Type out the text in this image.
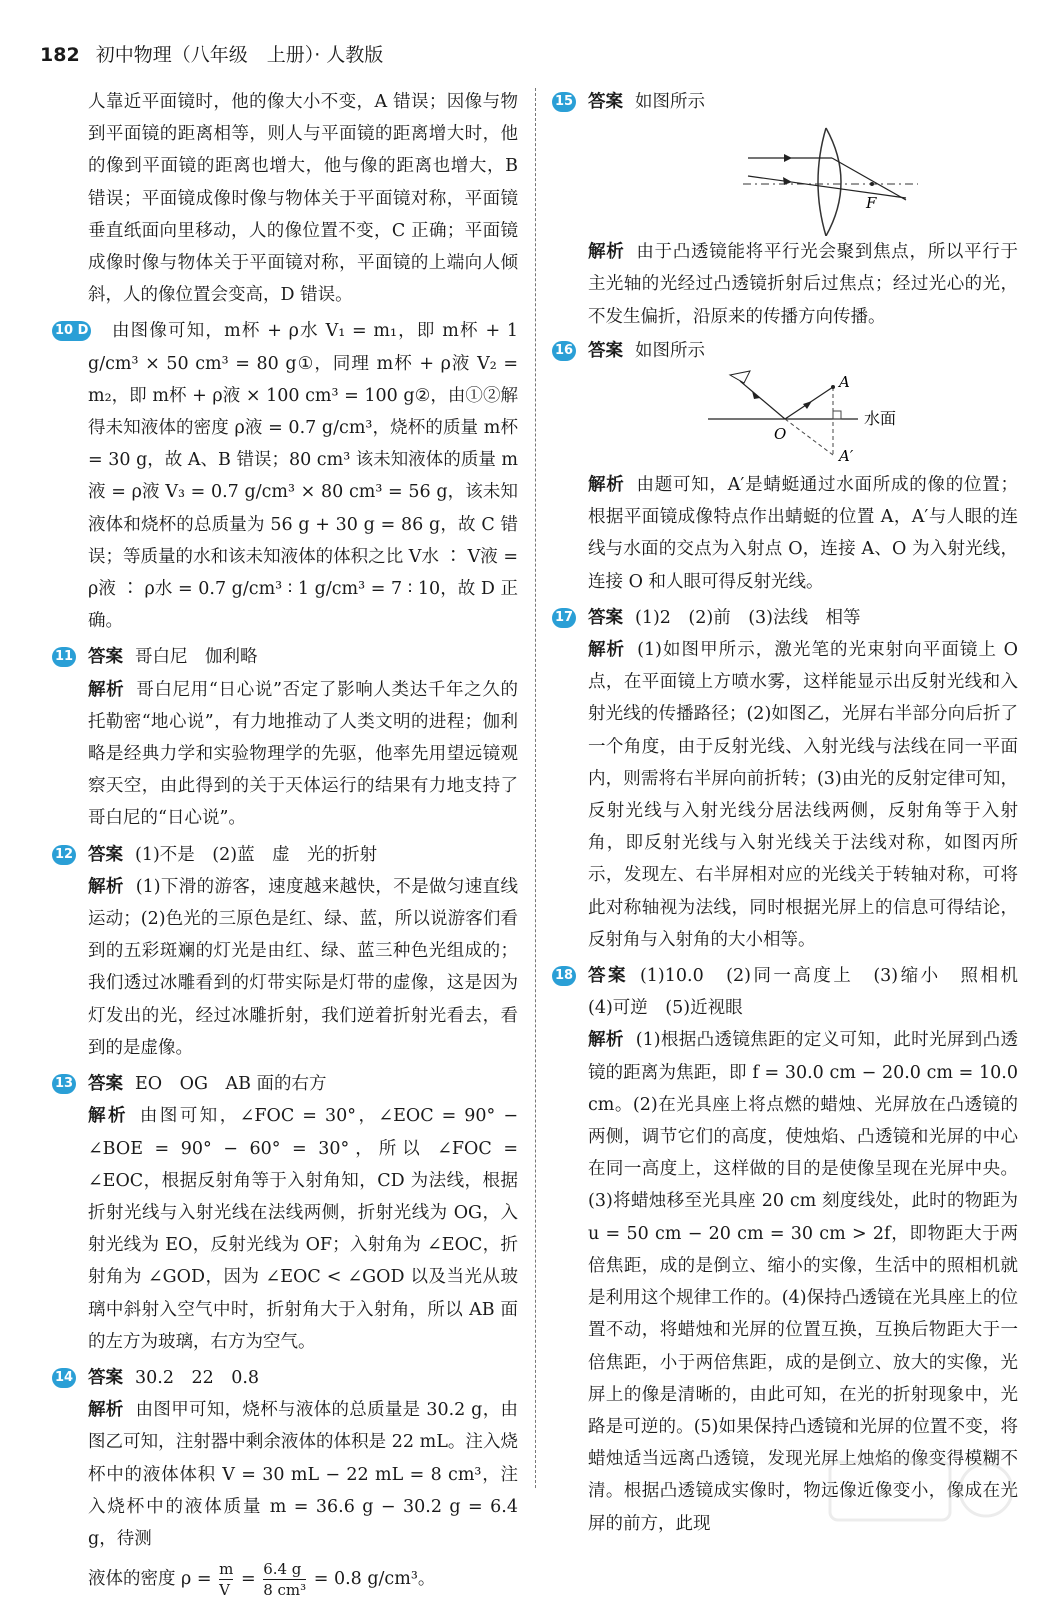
182 初中物理（八年级　上册）· 人教版

人靠近平面镜时，他的像大小不变，A 错误；因像与物到平面镜的距离相等，则人与平面镜的距离增大时，他的像到平面镜的距离也增大，他与像的距离也增大，B 错误；平面镜成像时像与物体关于平面镜对称，平面镜垂直纸面向里移动，人的像位置不变，C 正确；平面镜成像时像与物体关于平面镜对称，平面镜的上端向人倾斜，人的像位置会变高，D 错误。

10 D	由图像可知，m杯 + ρ水 V₁ = m₁，即 m杯 + 1 g/cm³ × 50 cm³ = 80 g①，同理 m杯 + ρ液 V₂ = m₂，即 m杯 + ρ液 × 100 cm³ = 100 g②，由①②解得未知液体的密度 ρ液 = 0.7 g/cm³，烧杯的质量 m杯 = 30 g，故 A、B 错误；80 cm³ 该未知液体的质量 m液 = ρ液 V₃ = 0.7 g/cm³ × 80 cm³ = 56 g，该未知液体和烧杯的总质量为 56 g + 30 g = 86 g，故 C 错误；等质量的水和该未知液体的体积之比 V水 ∶ V液 = ρ液 ∶ ρ水 = 0.7 g/cm³ ∶ 1 g/cm³ = 7 ∶ 10，故 D 正确。

11 答案 哥白尼　伽利略

解析 哥白尼用“日心说”否定了影响人类达千年之久的托勒密“地心说”，有力地推动了人类文明的进程；伽利略是经典力学和实验物理学的先驱，他率先用望远镜观察天空，由此得到的关于天体运行的结果有力地支持了哥白尼的“日心说”。

12 答案 (1)不是　(2)蓝　虚　光的折射

解析 (1)下滑的游客，速度越来越快，不是做匀速直线运动；(2)色光的三原色是红、绿、蓝，所以说游客们看到的五彩斑斓的灯光是由红、绿、蓝三种色光组成的；我们透过冰雕看到的灯带实际是灯带的虚像，这是因为灯发出的光，经过冰雕折射，我们逆着折射光看去，看到的是虚像。

13 答案 EO　OG　AB 面的右方

解析 由图可知，∠FOC = 30°，∠EOC = 90° − ∠BOE = 90° − 60° = 30°，所以 ∠FOC = ∠EOC，根据反射角等于入射角知，CD 为法线，根据折射光线与入射光线在法线两侧，折射光线为 OG，入射光线为 EO，反射光线为 OF；入射角为 ∠EOC，折射角为 ∠GOD，因为 ∠EOC < ∠GOD 以及当光从玻璃中斜射入空气中时，折射角大于入射角，所以 AB 面的左方为玻璃，右方为空气。

14 答案 30.2　22　0.8

解析 由图甲可知，烧杯与液体的总质量是 30.2 g，由图乙可知，注射器中剩余液体的体积是 22 mL。注入烧杯中的液体体积 V = 30 mL − 22 mL = 8 cm³，注入烧杯中的液体质量 m = 36.6 g − 30.2 g = 6.4 g，待测

液体的密度 $\rho = \frac{m}{V} = \frac{6.4 g}{\text{8 cm³}} = 0.8$ g/cm³。

15 答案 如图所示

F

解析 由于凸透镜能将平行光会聚到焦点，所以平行于主光轴的光经过凸透镜折射后过焦点；经过光心的光，不发生偏折，沿原来的传播方向传播。

16 答案 如图所示

水面
A
A′
O

解析 由题可知，A′是蜻蜓通过水面所成的像的位置；根据平面镜成像特点作出蜻蜓的位置 A，A′与人眼的连线与水面的交点为入射点 O，连接 A、O 为入射光线，连接 O 和人眼可得反射光线。

17 答案 (1)2　(2)前　(3)法线　相等

解析 (1)如图甲所示，激光笔的光束射向平面镜上 O 点，在平面镜上方喷水雾，这样能显示出反射光线和入射光线的传播路径；(2)如图乙，光屏右半部分向后折了一个角度，由于反射光线、入射光线与法线在同一平面内，则需将右半屏向前折转；(3)由光的反射定律可知，反射光线与入射光线分居法线两侧，反射角等于入射角，即反射光线与入射光线关于法线对称，如图丙所示，发现左、右半屏相对应的光线关于转轴对称，可将此对称轴视为法线，同时根据光屏上的信息可得结论，反射角与入射角的大小相等。

18 答案 (1)10.0　(2)同一高度上　(3)缩小　照相机　(4)可逆　(5)近视眼

解析 (1)根据凸透镜焦距的定义可知，此时光屏到凸透镜的距离为焦距，即 f = 30.0 cm − 20.0 cm = 10.0 cm。(2)在光具座上将点燃的蜡烛、光屏放在凸透镜的两侧，调节它们的高度，使烛焰、凸透镜和光屏的中心在同一高度上，这样做的目的是使像呈现在光屏中央。(3)将蜡烛移至光具座 20 cm 刻度线处，此时的物距为 u = 50 cm − 20 cm = 30 cm > 2f，即物距大于两倍焦距，成的是倒立、缩小的实像，生活中的照相机就是利用这个规律工作的。(4)保持凸透镜在光具座上的位置不动，将蜡烛和光屏的位置互换，互换后物距大于一倍焦距，小于两倍焦距，成的是倒立、放大的实像，光屏上的像是清晰的，由此可知，在光的折射现象中，光路是可逆的。(5)如果保持凸透镜和光屏的位置不变，将蜡烛适当远离凸透镜，发现光屏上烛焰的像变得模糊不清。根据凸透镜成实像时，物远像近像变小，像成在光屏的前方，此现
